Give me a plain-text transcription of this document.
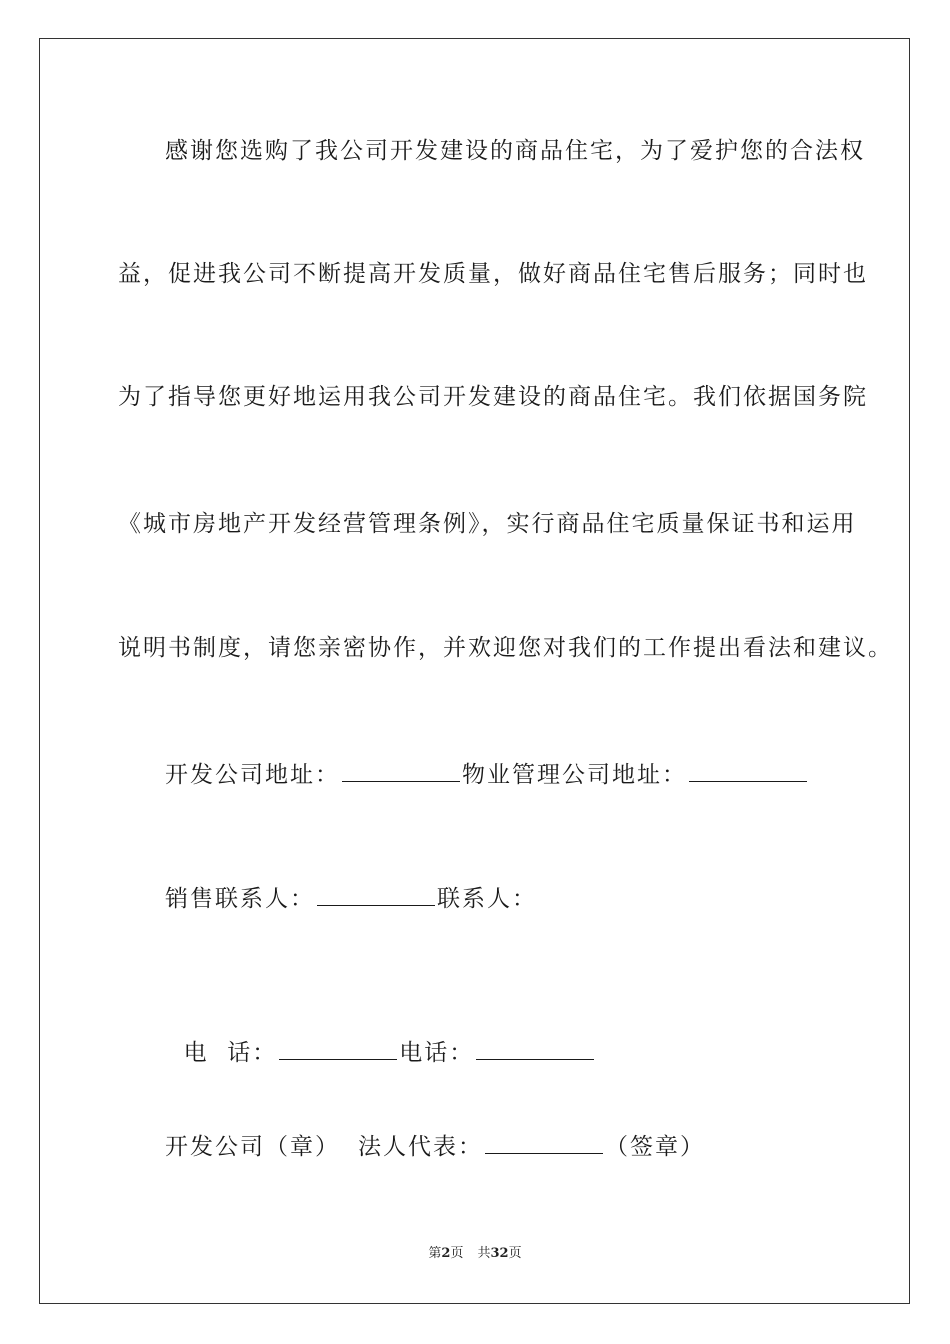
感谢您选购了我公司开发建设的商品住宅，为了爱护您的合法权
益，促进我公司不断提高开发质量，做好商品住宅售后服务；同时也
为了指导您更好地运用我公司开发建设的商品住宅。我们依据国务院
《城市房地产开发经营管理条例》，实行商品住宅质量保证书和运用
说明书制度，请您亲密协作，并欢迎您对我们的工作提出看法和建议。
开发公司地址：	物业管理公司地址：
销售联系人：	联系人：

电  话：	电话：

开发公司（章） 法人代表：	（签章）
第2页 共32页
